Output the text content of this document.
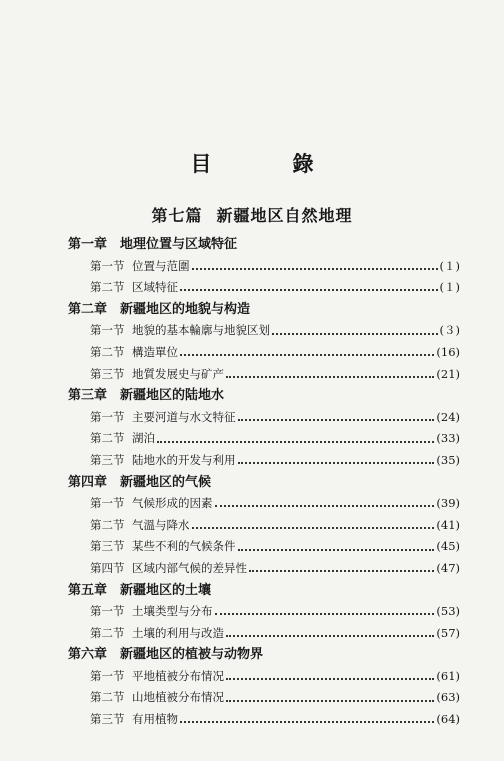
目　錄
第七篇 新疆地区自然地理
第一章 地理位置与区域特征
第一节 位置与范圍	(１)
第二节 区域特征	(１)
第二章 新疆地区的地貌与构造
第一节 地貌的基本輪廓与地貌区划	(３)
第二节 構造單位	(16)
第三节 地質发展史与矿产	(21)
第三章 新疆地区的陆地水
第一节 主要河道与水文特征	(24)
第二节 湖泊	(33)
第三节 陆地水的开发与利用	(35)
第四章 新疆地区的气候
第一节 气候形成的因素	(39)
第二节 气溫与降水	(41)
第三节 某些不利的气候条件	(45)
第四节 区域内部气候的差异性	(47)
第五章 新疆地区的土壤
第一节 土壤类型与分布	(53)
第二节 土壤的利用与改造	(57)
第六章 新疆地区的植被与动物界
第一节 平地植被分布情况	(61)
第二节 山地植被分布情况	(63)
第三节 有用植物	(64)
